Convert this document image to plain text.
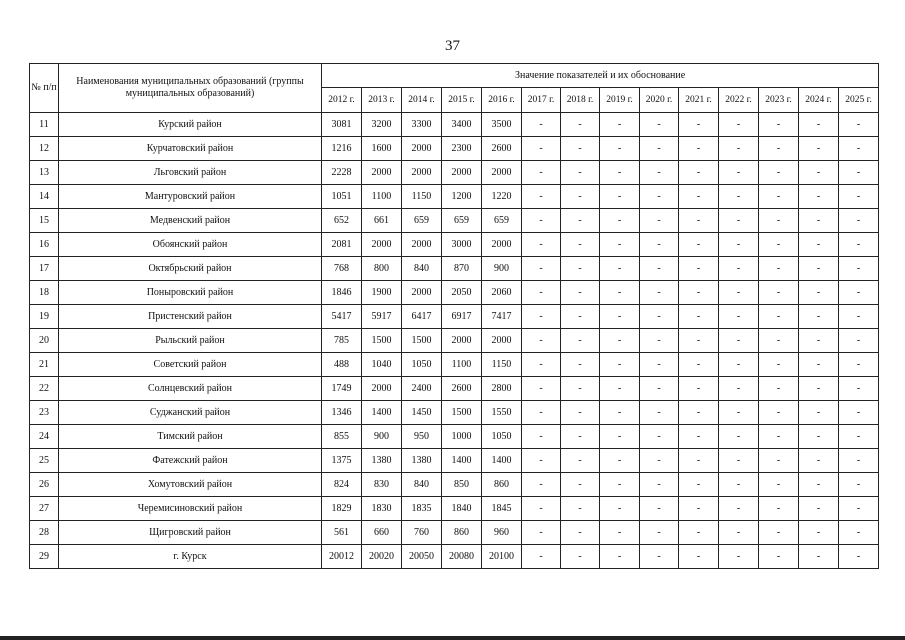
37
№ п/п	Наименования муниципальных образований (группы муниципальных образований)	Значение показателей и их обоснование													
		2012 г.	2013 г.	2014 г.	2015 г.	2016 г.	2017 г.	2018 г.	2019 г.	2020 г.	2021 г.	2022 г.	2023 г.	2024 г.	2025 г.
11	Курский район	3081	3200	3300	3400	3500	-	-	-	-	-	-	-	-	-
12	Курчатовский район	1216	1600	2000	2300	2600	-	-	-	-	-	-	-	-	-
13	Льговский район	2228	2000	2000	2000	2000	-	-	-	-	-	-	-	-	-
14	Мантуровский район	1051	1100	1150	1200	1220	-	-	-	-	-	-	-	-	-
15	Медвенский район	652	661	659	659	659	-	-	-	-	-	-	-	-	-
16	Обоянский район	2081	2000	2000	3000	2000	-	-	-	-	-	-	-	-	-
17	Октябрьский район	768	800	840	870	900	-	-	-	-	-	-	-	-	-
18	Поныровский район	1846	1900	2000	2050	2060	-	-	-	-	-	-	-	-	-
19	Пристенский район	5417	5917	6417	6917	7417	-	-	-	-	-	-	-	-	-
20	Рыльский район	785	1500	1500	2000	2000	-	-	-	-	-	-	-	-	-
21	Советский район	488	1040	1050	1100	1150	-	-	-	-	-	-	-	-	-
22	Солнцевский район	1749	2000	2400	2600	2800	-	-	-	-	-	-	-	-	-
23	Суджанский район	1346	1400	1450	1500	1550	-	-	-	-	-	-	-	-	-
24	Тимский район	855	900	950	1000	1050	-	-	-	-	-	-	-	-	-
25	Фатежский район	1375	1380	1380	1400	1400	-	-	-	-	-	-	-	-	-
26	Хомутовский район	824	830	840	850	860	-	-	-	-	-	-	-	-	-
27	Черемисиновский район	1829	1830	1835	1840	1845	-	-	-	-	-	-	-	-	-
28	Щигровский район	561	660	760	860	960	-	-	-	-	-	-	-	-	-
29	г. Курск	20012	20020	20050	20080	20100	-	-	-	-	-	-	-	-	-
